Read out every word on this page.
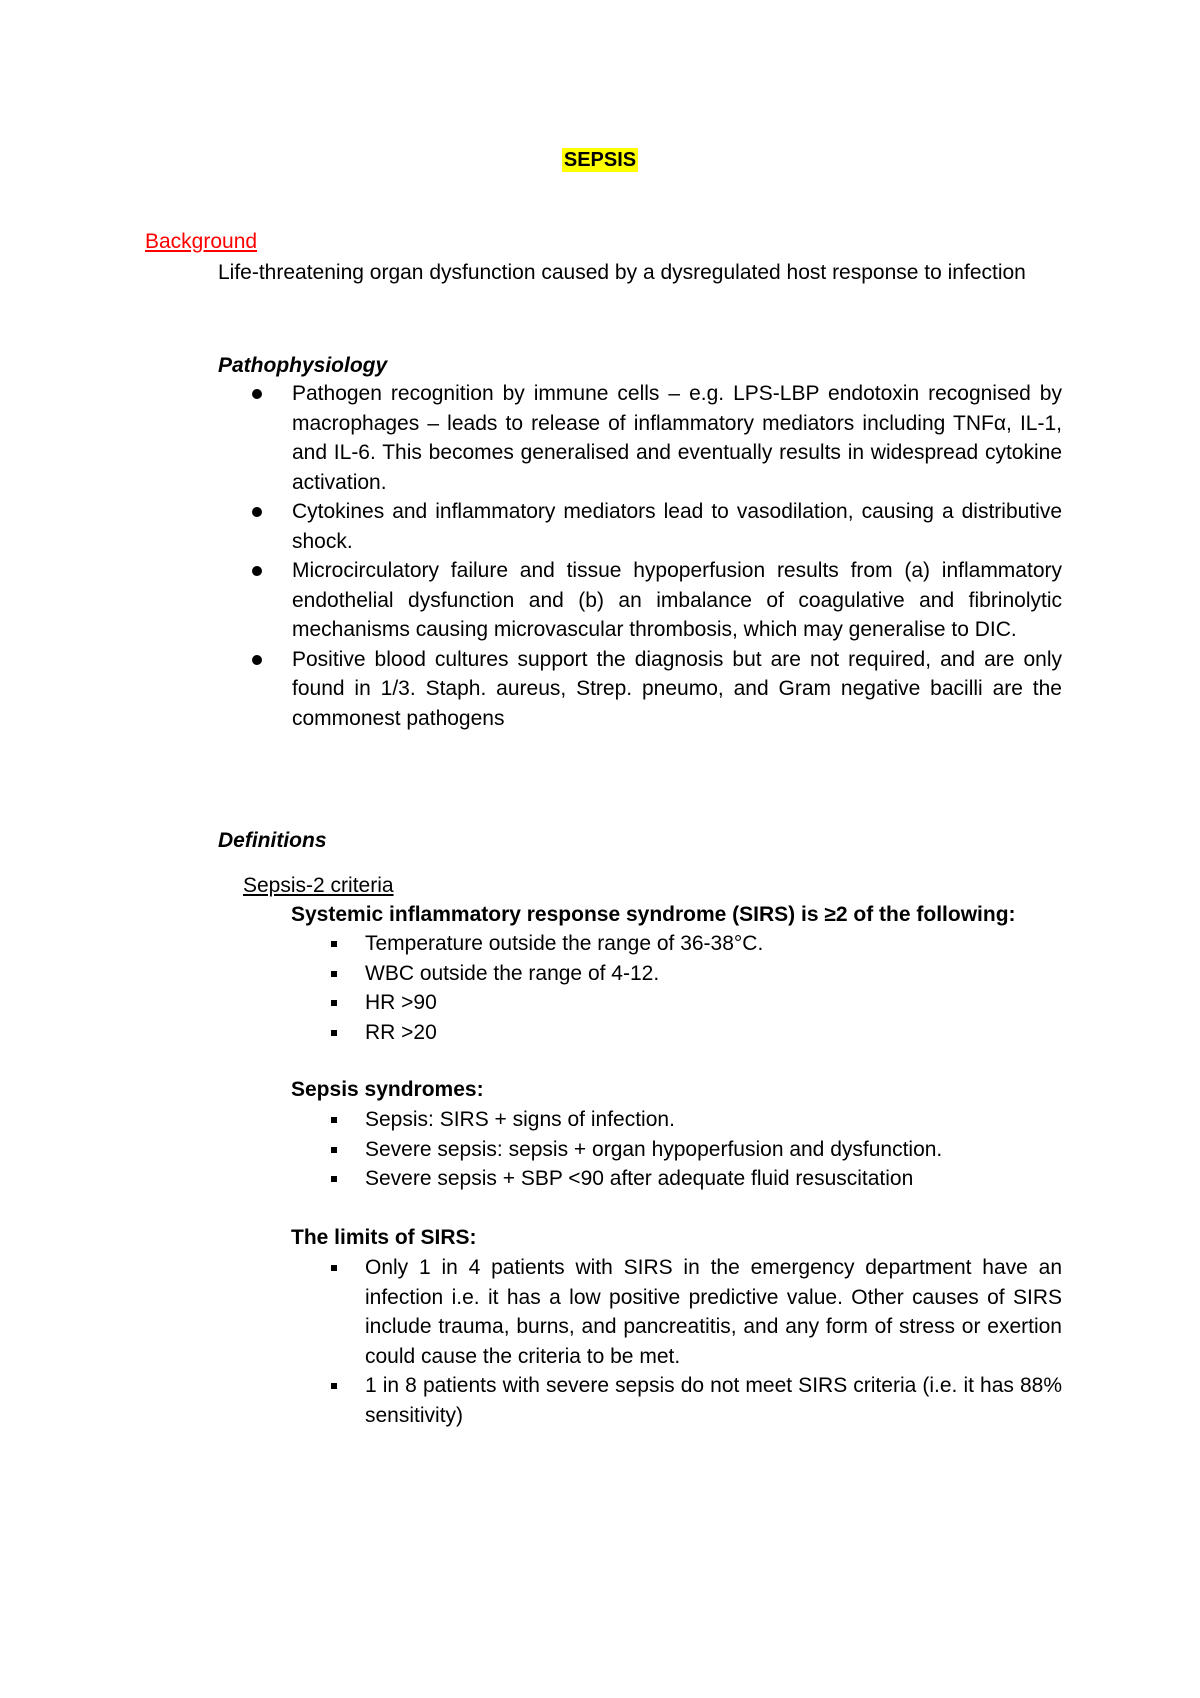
SEPSIS
Background
Life-threatening organ dysfunction caused by a dysregulated host response to infection
Pathophysiology
Pathogen recognition by immune cells – e.g. LPS-LBP endotoxin recognised by macrophages – leads to release of inflammatory mediators including TNFα, IL-1, and IL-6. This becomes generalised and eventually results in widespread cytokine activation.
Cytokines and inflammatory mediators lead to vasodilation, causing a distributive shock.
Microcirculatory failure and tissue hypoperfusion results from (a) inflammatory endothelial dysfunction and (b) an imbalance of coagulative and fibrinolytic mechanisms causing microvascular thrombosis, which may generalise to DIC.
Positive blood cultures support the diagnosis but are not required, and are only found in 1/3. Staph. aureus, Strep. pneumo, and Gram negative bacilli are the commonest pathogens
Definitions
Sepsis-2 criteria
Systemic inflammatory response syndrome (SIRS) is ≥2 of the following:
Temperature outside the range of 36-38°C.
WBC outside the range of 4-12.
HR >90
RR >20
Sepsis syndromes:
Sepsis: SIRS + signs of infection.
Severe sepsis: sepsis + organ hypoperfusion and dysfunction.
Severe sepsis + SBP <90 after adequate fluid resuscitation
The limits of SIRS:
Only 1 in 4 patients with SIRS in the emergency department have an infection i.e. it has a low positive predictive value. Other causes of SIRS include trauma, burns, and pancreatitis, and any form of stress or exertion could cause the criteria to be met.
1 in 8 patients with severe sepsis do not meet SIRS criteria (i.e. it has 88% sensitivity)
